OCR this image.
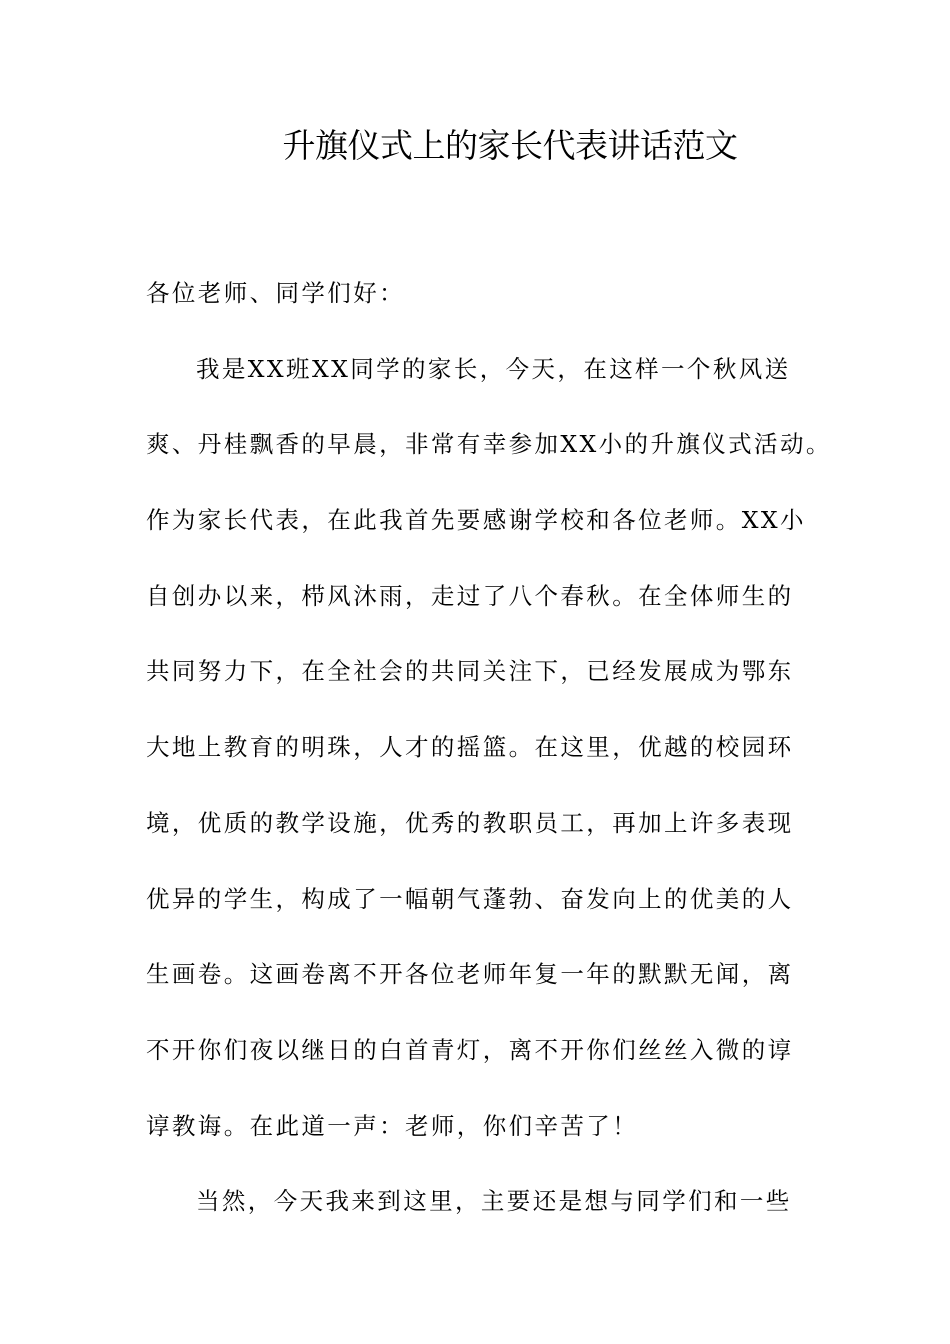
升旗仪式上的家长代表讲话范文
各位老师、同学们好：
我是XX班XX同学的家长，今天，在这样一个秋风送
爽、丹桂飘香的早晨，非常有幸参加XX小的升旗仪式活动。
作为家长代表，在此我首先要感谢学校和各位老师。XX小
自创办以来，栉风沐雨，走过了八个春秋。在全体师生的
共同努力下，在全社会的共同关注下，已经发展成为鄂东
大地上教育的明珠，人才的摇篮。在这里，优越的校园环
境，优质的教学设施，优秀的教职员工，再加上许多表现
优异的学生，构成了一幅朝气蓬勃、奋发向上的优美的人
生画卷。这画卷离不开各位老师年复一年的默默无闻，离
不开你们夜以继日的白首青灯，离不开你们丝丝入微的谆
谆教诲。在此道一声：老师，你们辛苦了！
当然，今天我来到这里，主要还是想与同学们和一些
